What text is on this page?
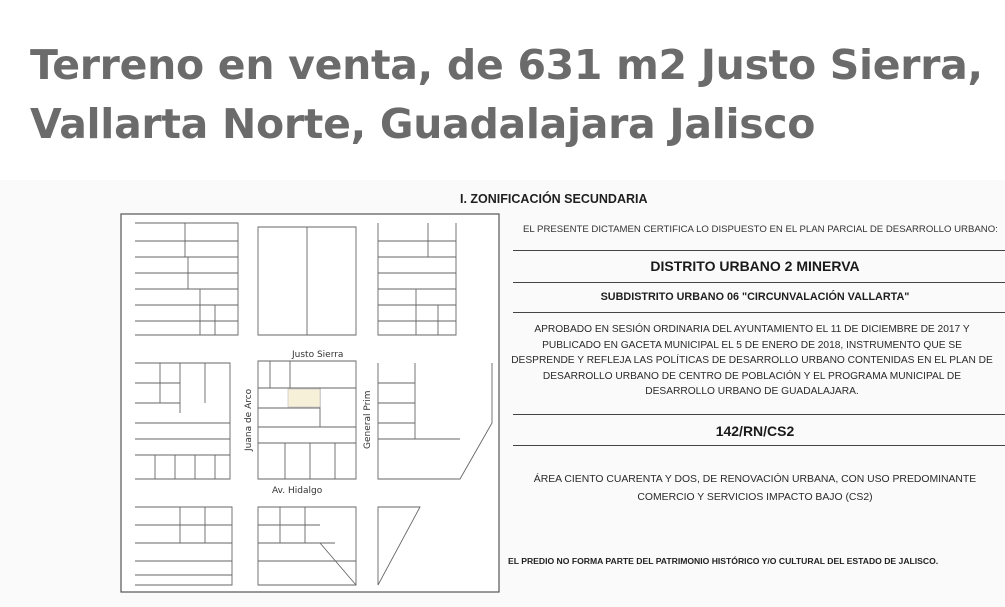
Terreno en venta, de 631 m2 Justo Sierra,
Vallarta Norte, Guadalajara Jalisco
Justo Sierra
Av. Hidalgo
Juana de Arco	General Prim
I. ZONIFICACIÓN SECUNDARIA
EL PRESENTE DICTAMEN CERTIFICA LO DISPUESTO EN EL PLAN PARCIAL DE DESARROLLO URBANO:
DISTRITO URBANO 2 MINERVA
SUBDISTRITO URBANO 06 "CIRCUNVALACIÓN VALLARTA"
APROBADO EN SESIÓN ORDINARIA DEL AYUNTAMIENTO EL 11 DE DICIEMBRE DE 2017 Y
PUBLICADO EN GACETA MUNICIPAL EL 5 DE ENERO DE 2018, INSTRUMENTO QUE SE
DESPRENDE Y REFLEJA LAS POLÍTICAS DE DESARROLLO URBANO CONTENIDAS EN EL PLAN DE
DESARROLLO URBANO DE CENTRO DE POBLACIÓN Y EL PROGRAMA MUNICIPAL DE
DESARROLLO URBANO DE GUADALAJARA.
142/RN/CS2
ÁREA CIENTO CUARENTA Y DOS, DE RENOVACIÓN URBANA, CON USO PREDOMINANTE
COMERCIO Y SERVICIOS IMPACTO BAJO (CS2)
EL PREDIO NO FORMA PARTE DEL PATRIMONIO HISTÓRICO Y/O CULTURAL DEL ESTADO DE JALISCO.
